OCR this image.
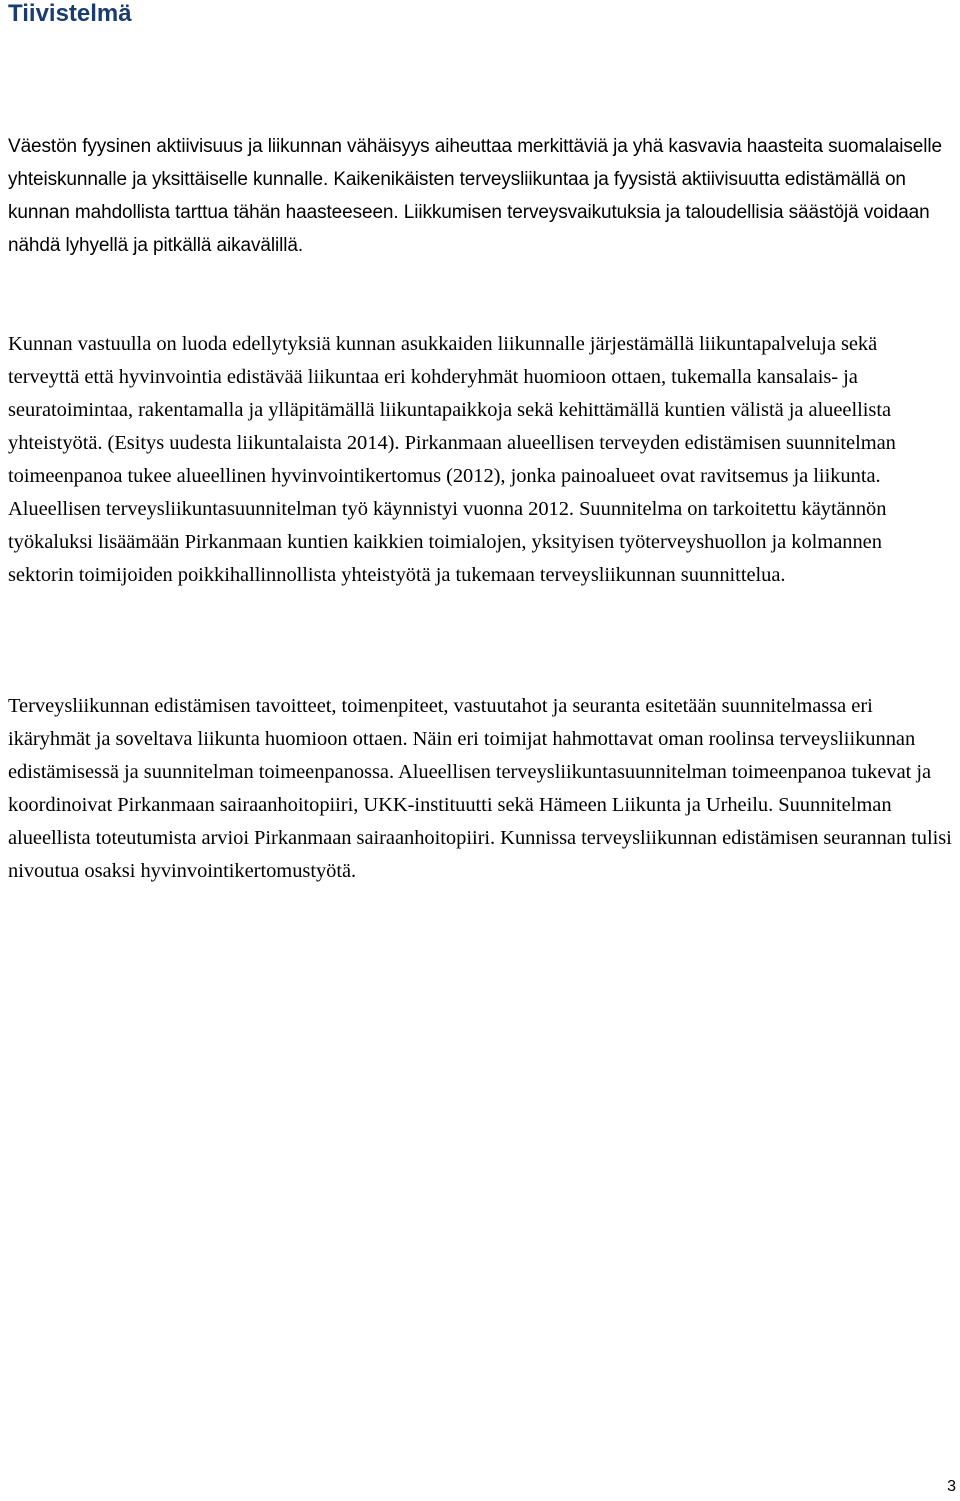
Tiivistelmä

Väestön fyysinen aktiivisuus ja liikunnan vähäisyys aiheuttaa merkittäviä ja yhä kasvavia haasteita suomalaiselle yhteiskunnalle ja yksittäiselle kunnalle. Kaikenikäisten terveysliikuntaa ja fyysistä aktiivisuutta edistämällä on kunnan mahdollista tarttua tähän haasteeseen. Liikkumisen terveysvaikutuksia ja taloudellisia säästöjä voidaan nähdä lyhyellä ja pitkällä aikavälillä.

Kunnan vastuulla on luoda edellytyksiä kunnan asukkaiden liikunnalle järjestämällä liikuntapalveluja sekä terveyttä että hyvinvointia edistävää liikuntaa eri kohderyhmät huomioon ottaen, tukemalla kansalais- ja seuratoimintaa, rakentamalla ja ylläpitämällä liikuntapaikkoja sekä kehittämällä kuntien välistä ja alueellista yhteistyötä. (Esitys uudesta liikuntalaista 2014). Pirkanmaan alueellisen terveyden edistämisen suunnitelman toimeenpanoa tukee alueellinen hyvinvointikertomus (2012), jonka painoalueet ovat ravitsemus ja liikunta. Alueellisen terveysliikuntasuunnitelman työ käynnistyi vuonna 2012. Suunnitelma on tarkoitettu käytännön työkaluksi lisäämään Pirkanmaan kuntien kaikkien toimialojen, yksityisen työterveyshuollon ja kolmannen sektorin toimijoiden poikkihallinnollista yhteistyötä ja tukemaan terveysliikunnan suunnittelua.

Terveysliikunnan edistämisen tavoitteet, toimenpiteet, vastuutahot ja seuranta esitetään suunnitelmassa eri ikäryhmät ja soveltava liikunta huomioon ottaen. Näin eri toimijat hahmottavat oman roolinsa terveysliikunnan edistämisessä ja suunnitelman toimeenpanossa. Alueellisen terveysliikuntasuunnitelman toimeenpanoa tukevat ja koordinoivat Pirkanmaan sairaanhoitopiiri, UKK-instituutti sekä Hämeen Liikunta ja Urheilu. Suunnitelman alueellista toteutumista arvioi Pirkanmaan sairaanhoitopiiri. Kunnissa terveysliikunnan edistämisen seurannan tulisi nivoutua osaksi hyvinvointikertomustyötä.

3
